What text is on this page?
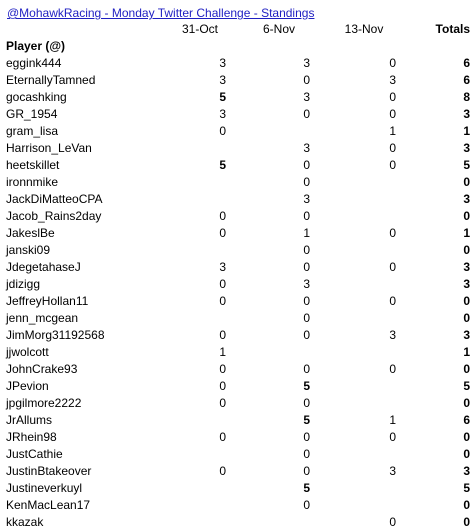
@MohawkRacing - Monday Twitter Challenge - Standings
	31-Oct	6-Nov	13-Nov	Totals
Player (@)				
eggink444	3	3	0	6
EternallyTamned	3	0	3	6
gocashking	5	3	0	8
GR_1954	3	0	0	3
gram_lisa	0		1	1
Harrison_LeVan		3	0	3
heetskillet	5	0	0	5
ironnmike		0		0
JackDiMatteoCPA		3		3
Jacob_Rains2day	0	0		0
JakeslBe	0	1	0	1
janski09		0		0
JdegetahaseJ	3	0	0	3
jdizigg	0	3		3
JeffreyHollan11	0	0	0	0
jenn_mcgean		0		0
JimMorg31192568	0	0	3	3
jjwolcott	1			1
JohnCrake93	0	0	0	0
JPevion	0	5		5
jpgilmore2222	0	0		0
JrAllums		5	1	6
JRhein98	0	0	0	0
JustCathie		0		0
JustinBtakeover	0	0	3	3
Justineverkuyl		5		5
KenMacLean17		0		0
kkazak			0	0
